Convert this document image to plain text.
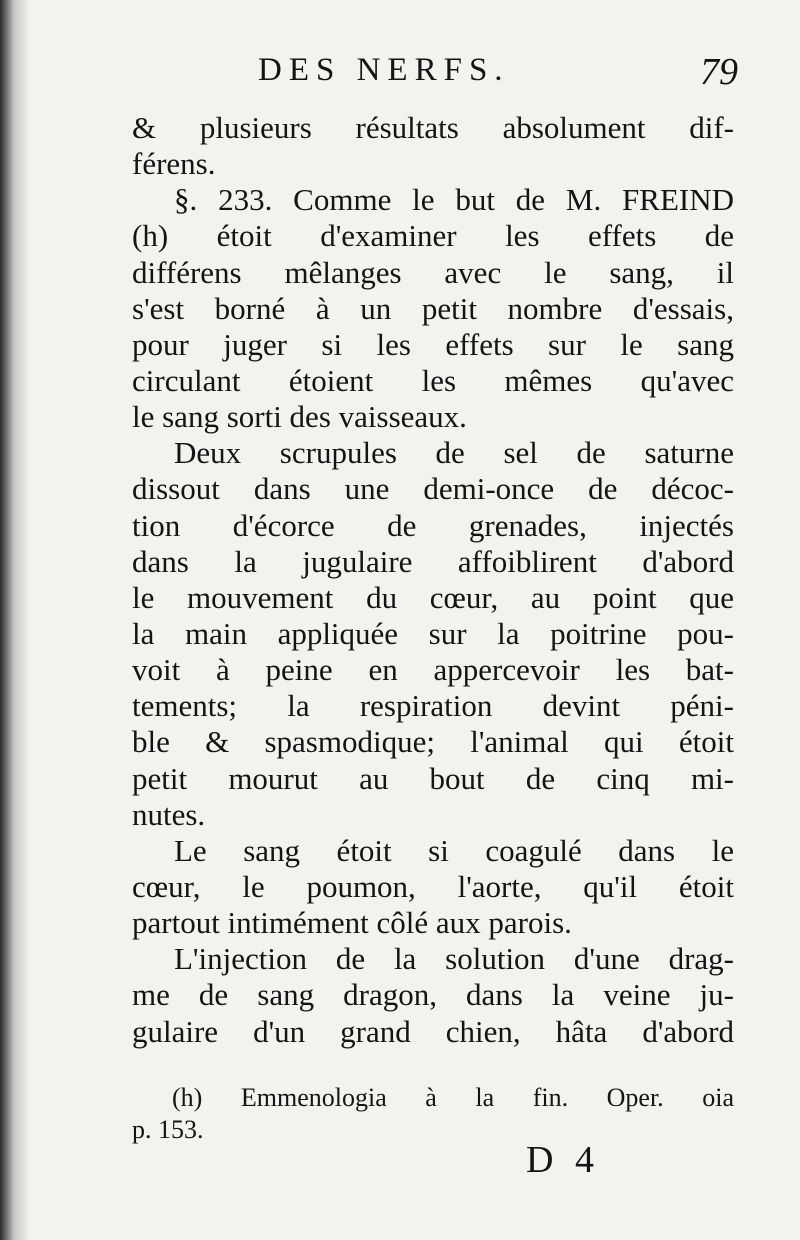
DES NERFS.	79
& plusieurs résultats absolument dif-
férens.
§. 233. Comme le but de M. FREIND
(h) étoit d'examiner les effets de
différens mêlanges avec le sang, il
s'est borné à un petit nombre d'essais,
pour juger si les effets sur le sang
circulant étoient les mêmes qu'avec
le sang sorti des vaisseaux.
Deux scrupules de sel de saturne
dissout dans une demi-once de décoc-
tion d'écorce de grenades, injectés
dans la jugulaire affoiblirent d'abord
le mouvement du cœur, au point que
la main appliquée sur la poitrine pou-
voit à peine en appercevoir les bat-
tements; la respiration devint péni-
ble & spasmodique; l'animal qui étoit
petit mourut au bout de cinq mi-
nutes.
Le sang étoit si coagulé dans le
cœur, le poumon, l'aorte, qu'il étoit
partout intimément côlé aux parois.
L'injection de la solution d'une drag-
me de sang dragon, dans la veine ju-
gulaire d'un grand chien, hâta d'abord
(h) Emmenologia à la fin. Oper. oia
p. 153.
D 4
